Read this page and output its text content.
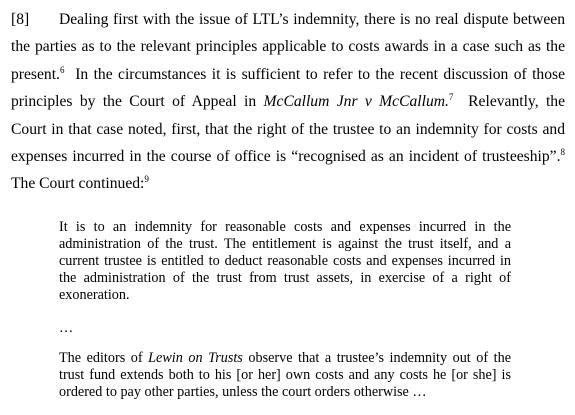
[8] Dealing first with the issue of LTL’s indemnity, there is no real dispute between
the parties as to the relevant principles applicable to costs awards in a case such as the
present.$^6$  In the circumstances it is sufficient to refer to the recent discussion of those
principles by the Court of Appeal in McCallum Jnr v McCallum.$^7$  Relevantly, the
Court in that case noted, first, that the right of the trustee to an indemnity for costs and
expenses incurred in the course of office is “recognised as an incident of trusteeship”.$^8$
The Court continued:$^9$
It is to an indemnity for reasonable costs and expenses incurred in the
administration of the trust. The entitlement is against the trust itself, and a
current trustee is entitled to deduct reasonable costs and expenses incurred in
the administration of the trust from trust assets, in exercise of a right of
exoneration.
…
The editors of Lewin on Trusts observe that a trustee’s indemnity out of the
trust fund extends both to his [or her] own costs and any costs he [or she] is
ordered to pay other parties, unless the court orders otherwise …
